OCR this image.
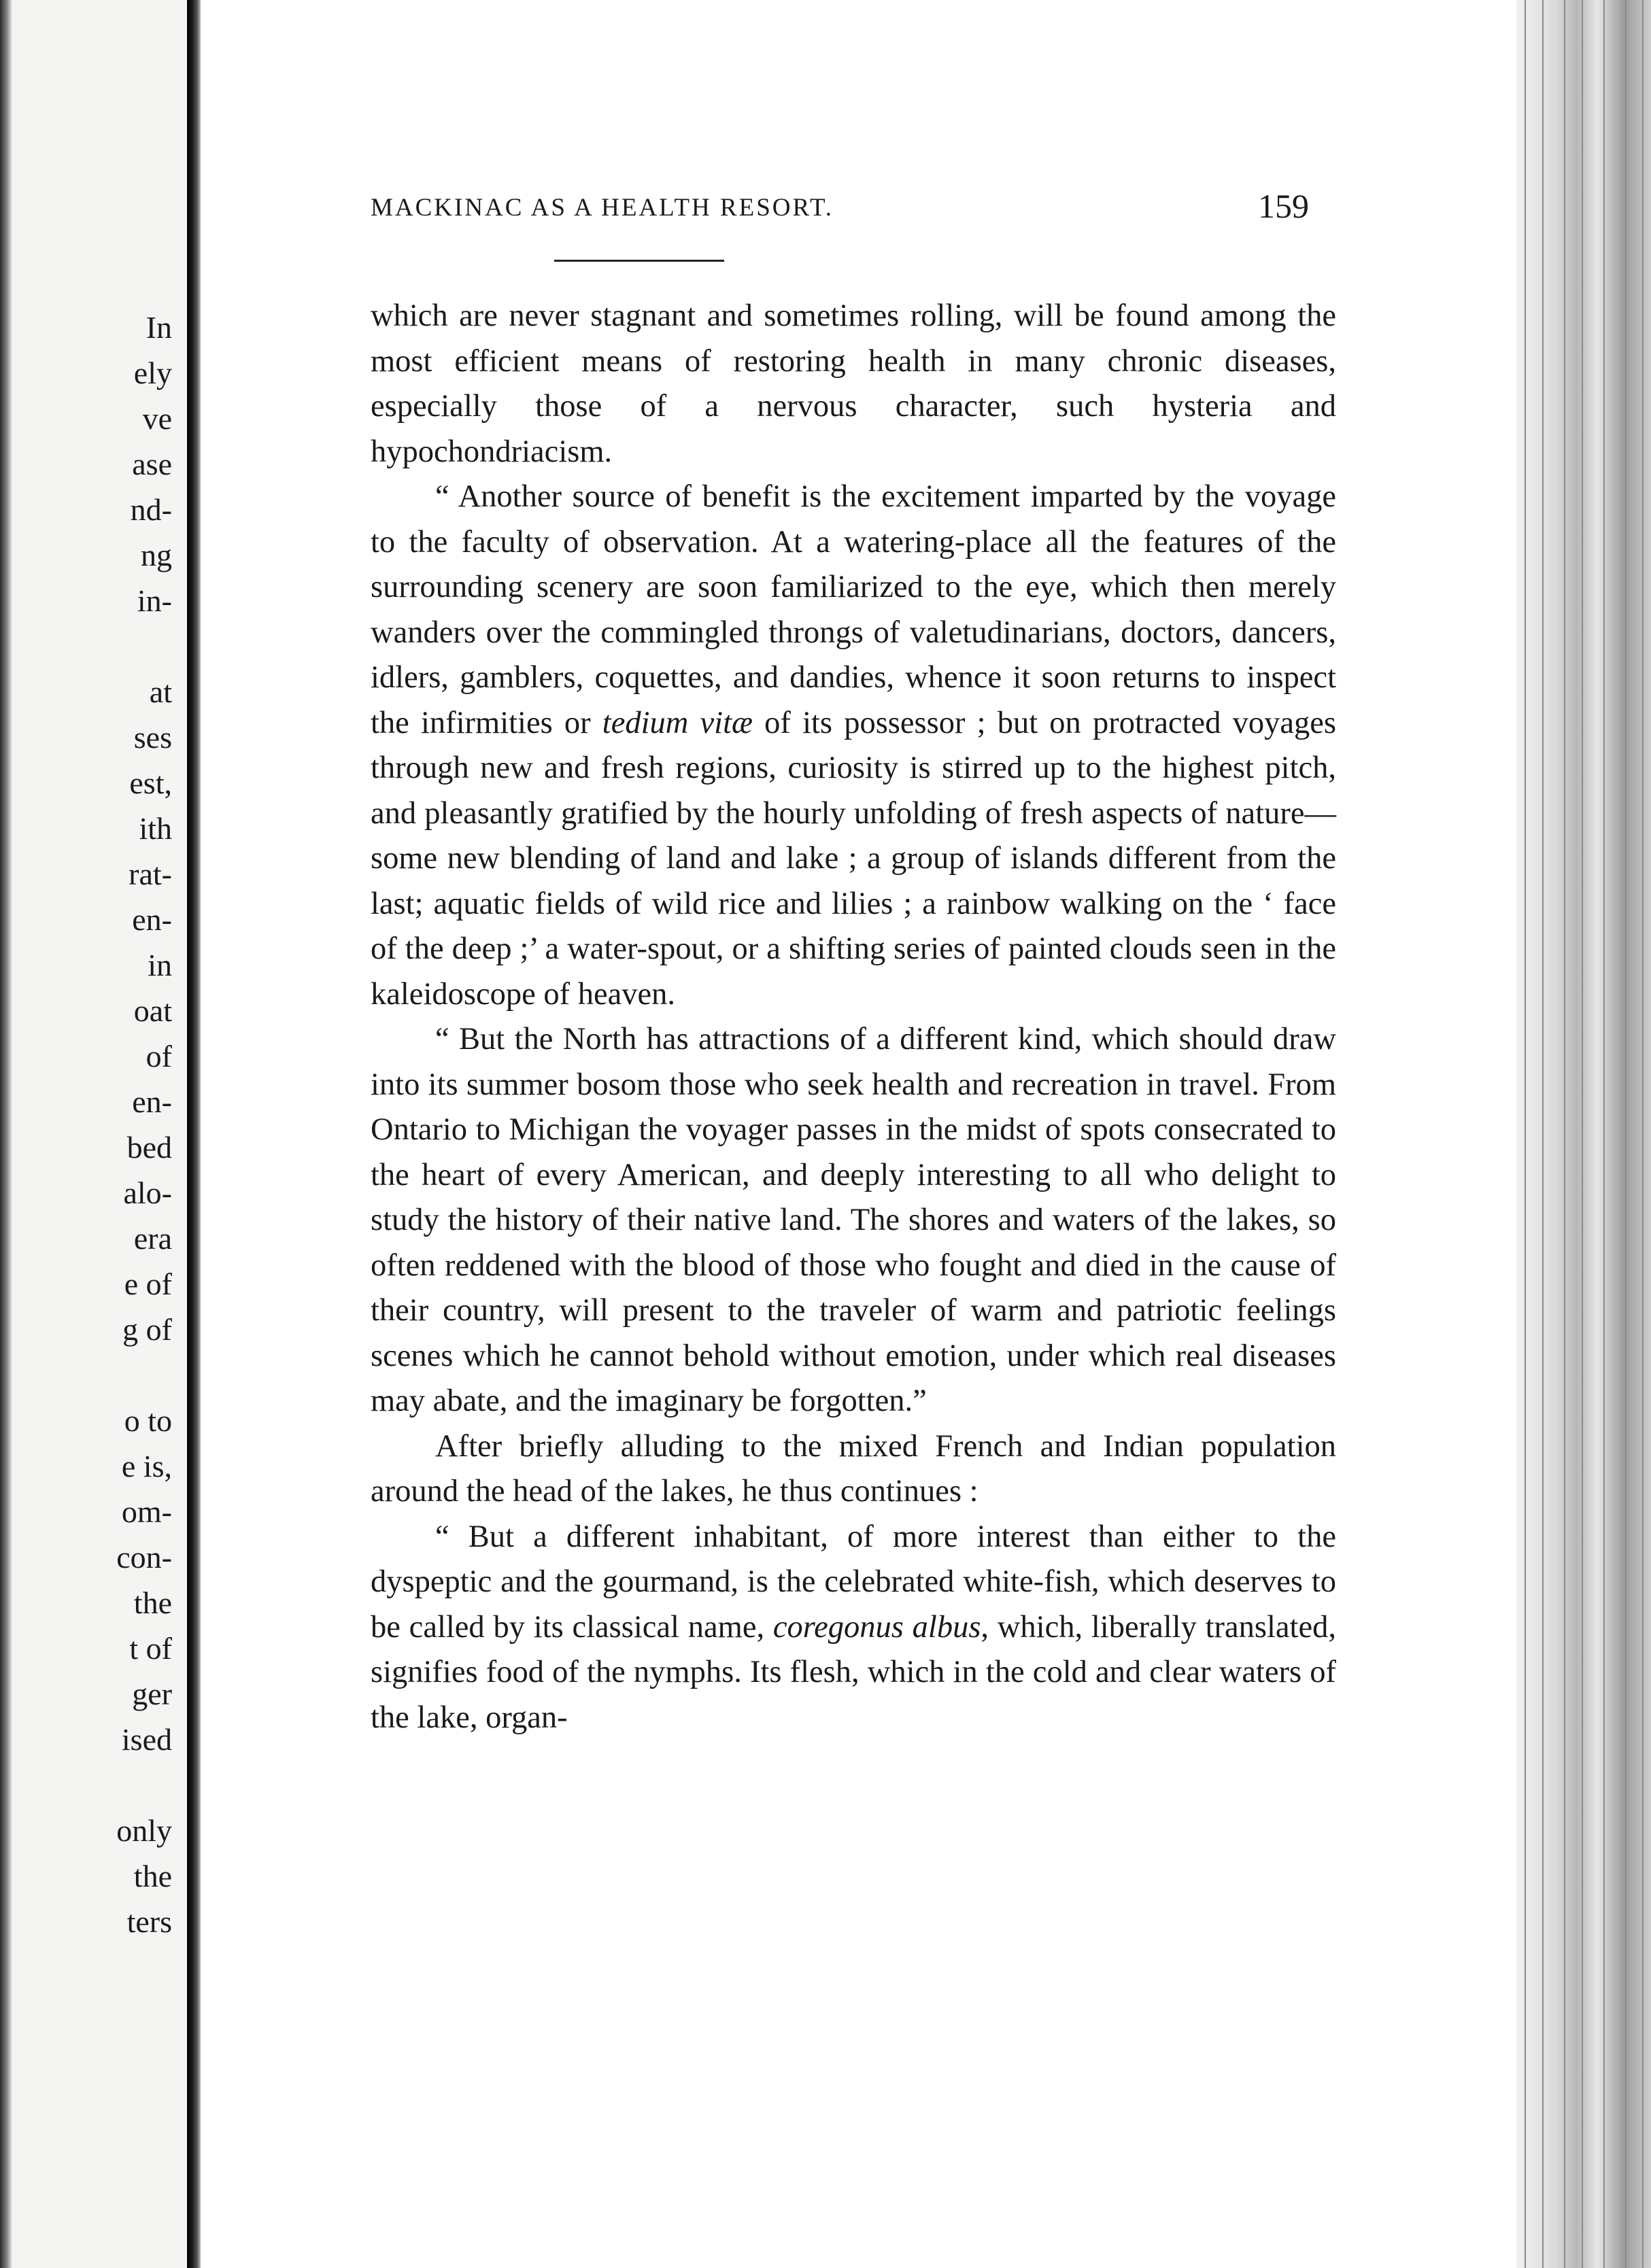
In
ely
ve
ase
nd-
ng
in-
at
ses
est,
ith
rat-
en-
in
oat
of
en-
bed
alo-
era
e of
g of
o to
e is,
om-
con-
the
t of
ger
ised
only
the
ters
MACKINAC AS A HEALTH RESORT.	159

which are never stagnant and sometimes rolling, will be found among the most efficient means of restoring health in many chronic diseases, especially those of a nervous character, such hysteria and hypochondriacism.

“ Another source of benefit is the excitement imparted by the voyage to the faculty of observation. At a watering-place all the features of the surrounding scenery are soon familiarized to the eye, which then merely wanders over the commingled throngs of valetudinarians, doctors, dancers, idlers, gamblers, coquettes, and dandies, whence it soon returns to inspect the infirmities or tedium vitæ of its possessor ; but on protracted voyages through new and fresh regions, curiosity is stirred up to the highest pitch, and pleasantly gratified by the hourly unfolding of fresh aspects of nature—some new blending of land and lake ; a group of islands different from the last; aquatic fields of wild rice and lilies ; a rainbow walking on the ‘ face of the deep ;’ a water-spout, or a shifting series of painted clouds seen in the kaleidoscope of heaven.

“ But the North has attractions of a different kind, which should draw into its summer bosom those who seek health and recreation in travel. From Ontario to Michigan the voyager passes in the midst of spots consecrated to the heart of every American, and deeply interesting to all who delight to study the history of their native land. The shores and waters of the lakes, so often reddened with the blood of those who fought and died in the cause of their country, will present to the traveler of warm and patriotic feelings scenes which he cannot behold without emotion, under which real diseases may abate, and the imaginary be forgotten.”

After briefly alluding to the mixed French and Indian population around the head of the lakes, he thus continues :

“ But a different inhabitant, of more interest than either to the dyspeptic and the gourmand, is the celebrated white-fish, which deserves to be called by its classical name, coregonus albus, which, liberally translated, signifies food of the nymphs. Its flesh, which in the cold and clear waters of the lake, organ-
